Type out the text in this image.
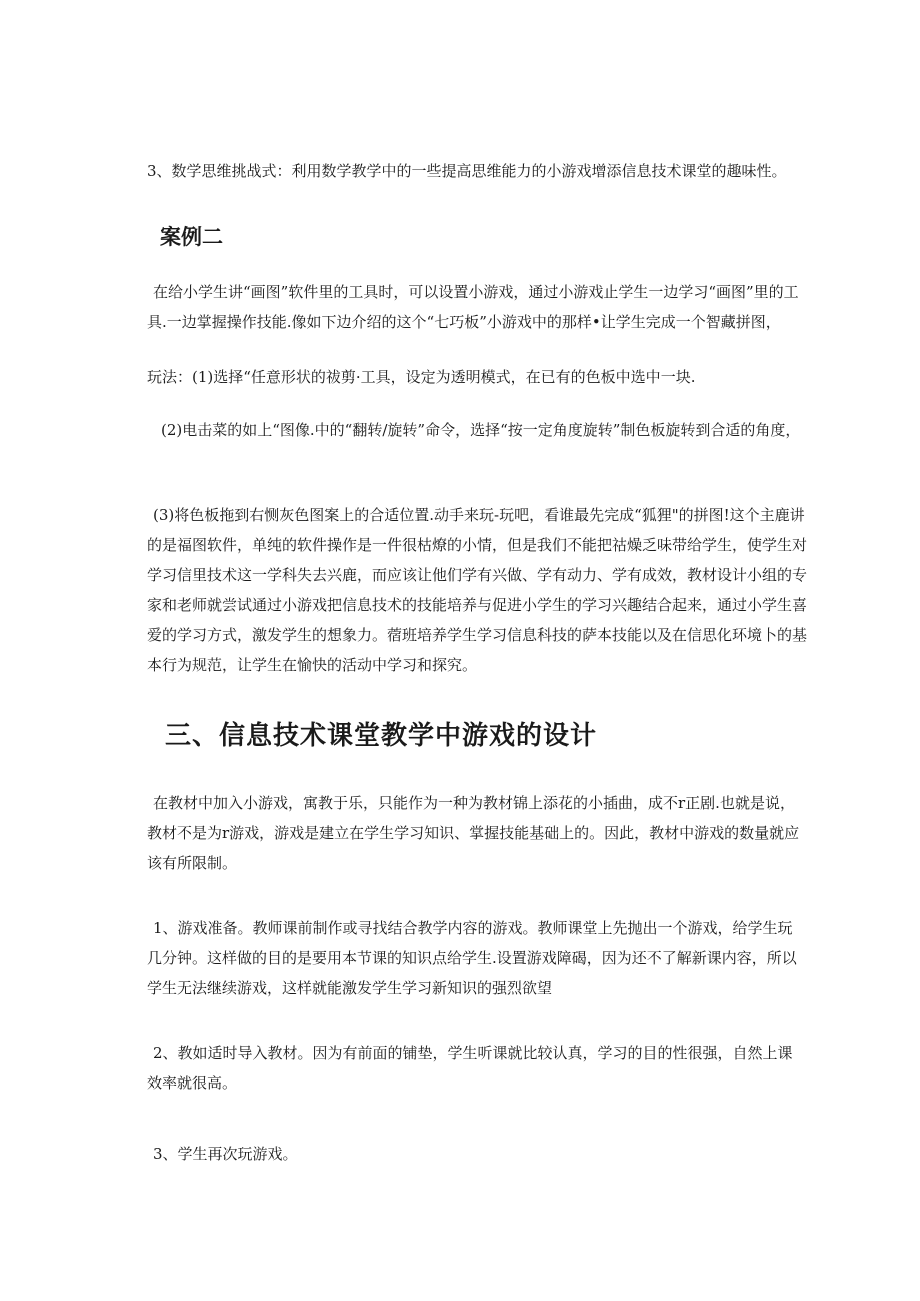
3、数学思维挑战式：利用数学教学中的一些提高思维能力的小游戏增添信息技术课堂的趣味性。

案例二

在给小学生讲“画图”软件里的工具时，可以设置小游戏，通过小游戏止学生一边学习“画图”里的工具.一边掌握操作技能.像如下边介绍的这个“七巧板”小游戏中的那样•让学生完成一个智藏拼图，

玩法：(1)选择“任意形状的祓剪·工具，设定为透明模式，在已有的色板中选中一块.

(2)电击菜的如上“图像.中的“翻转/旋转”命令，选择“按一定角度旋转”制色板旋转到合适的角度，

(3)将色板拖到右恻灰色图案上的合适位置.动手来玩-玩吧，看谁最先完成“狐狸"的拼图!这个主鹿讲的是福图软件，单纯的软件操作是一件很枯燎的小情，但是我们不能把祜燥乏味带给学生，使学生对学习信里技术这一学科失去兴鹿，而应该让他们学有兴做、学有动力、学有成效，教材设计小组的专家和老师就尝试通过小游戏把信息技术的技能培养与促进小学生的学习兴趣结合起来，通过小学生喜爱的学习方式，激发学生的想象力。蓿班培养学生学习信息科技的萨本技能以及在信思化环境卜的基本行为规范，让学生在愉快的活动中学习和探究。

三、信息技术课堂教学中游戏的设计

在教材中加入小游戏，寓教于乐，只能作为一种为教材锦上添花的小插曲，成不r正剧.也就是说，教材不是为r游戏，游戏是建立在学生学习知识、掌握技能基础上的。因此，教材中游戏的数量就应该有所限制。

1、游戏准备。教师课前制作或寻找结合教学内容的游戏。教师课堂上先抛出一个游戏，给学生玩几分钟。这样做的目的是要用本节课的知识点给学生.设置游戏障碣，因为还不了解新课内容，所以学生无法继续游戏，这样就能激发学生学习新知识的强烈欲望

2、教如适时导入教材。因为有前面的铺垫，学生听课就比较认真，学习的目的性很强，自然上课效率就很高。

3、学生再次玩游戏。
